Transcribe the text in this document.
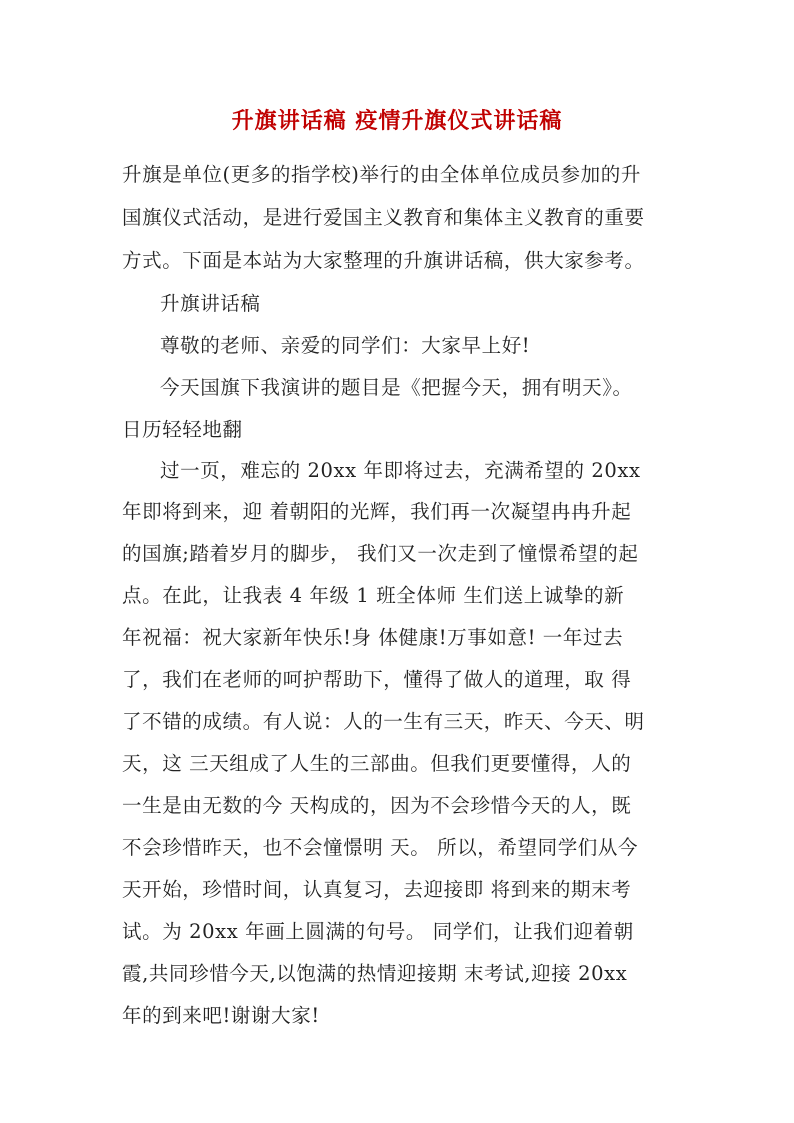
升旗讲话稿 疫情升旗仪式讲话稿
升旗是单位(更多的指学校)举行的由全体单位成员参加的升
国旗仪式活动，是进行爱国主义教育和集体主义教育的重要
方式。下面是本站为大家整理的升旗讲话稿，供大家参考。
升旗讲话稿
尊敬的老师、亲爱的同学们：大家早上好!
今天国旗下我演讲的题目是《把握今天，拥有明天》。
日历轻轻地翻
过一页，难忘的 20xx 年即将过去，充满希望的 20xx
年即将到来，迎 着朝阳的光辉，我们再一次凝望冉冉升起
的国旗;踏着岁月的脚步， 我们又一次走到了憧憬希望的起
点。在此，让我表 4 年级 1 班全体师 生们送上诚挚的新
年祝福：祝大家新年快乐!身 体健康!万事如意! 一年过去
了，我们在老师的呵护帮助下，懂得了做人的道理，取 得
了不错的成绩。有人说：人的一生有三天，昨天、今天、明
天，这 三天组成了人生的三部曲。但我们更要懂得，人的
一生是由无数的今 天构成的，因为不会珍惜今天的人，既
不会珍惜昨天，也不会憧憬明 天。 所以，希望同学们从今
天开始，珍惜时间，认真复习，去迎接即 将到来的期末考
试。为 20xx 年画上圆满的句号。 同学们，让我们迎着朝
霞,共同珍惜今天,以饱满的热情迎接期 末考试,迎接 20xx
年的到来吧!谢谢大家!
